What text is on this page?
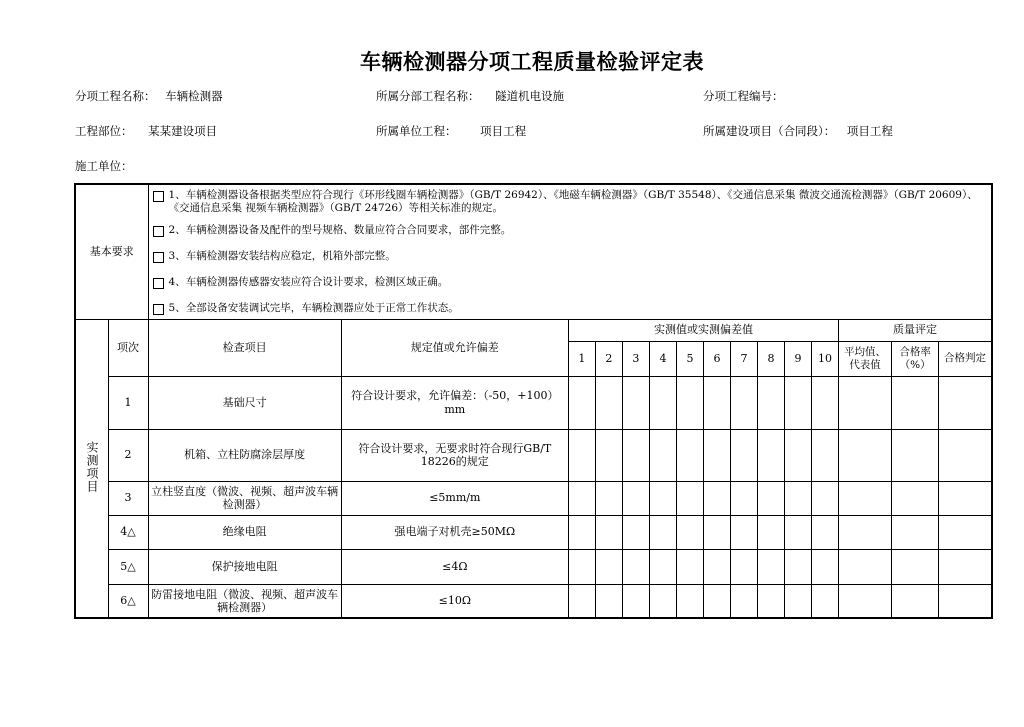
车辆检测器分项工程质量检验评定表
分项工程名称： 车辆检测器	所属分部工程名称： 隧道机电设施	分项工程编号：
工程部位： 某某建设项目	所属单位工程： 项目工程	所属建设项目（合同段）： 项目工程
施工单位：
基本要求		1、车辆检测器设备根据类型应符合现行《环形线圈车辆检测器》（GB/T 26942）、《地磁车辆检测器》（GB/T 35548）、《交通信息采集 微波交通流检测器》（GB/T 20609）、《交通信息采集 视频车辆检测器》（GB/T 24726）等相关标准的规定。
2、车辆检测器设备及配件的型号规格、数量应符合合同要求，部件完整。
3、车辆检测器安装结构应稳定，机箱外部完整。
4、车辆检测器传感器安装应符合设计要求，检测区域正确。
5、全部设备安装调试完毕，车辆检测器应处于正常工作状态。														

实测项目	项次	检查项目	规定值或允许偏差	实测值或实测偏差值										质量评定		
				1	2	3	4	5	6	7	8	9	10	平均值、代表值	合格率（%）	合格判定
	1	基础尺寸	符合设计要求，允许偏差：（-50，+100）mm													
	2	机箱、立柱防腐涂层厚度	符合设计要求，无要求时符合现行GB/T 18226的规定													
	3	立柱竖直度（微波、视频、超声波车辆检测器）	≤5mm/m													
	4△	绝缘电阻	强电端子对机壳≥50MΩ													
	5△	保护接地电阻	≤4Ω													
	6△	防雷接地电阻（微波、视频、超声波车辆检测器）	≤10Ω													
